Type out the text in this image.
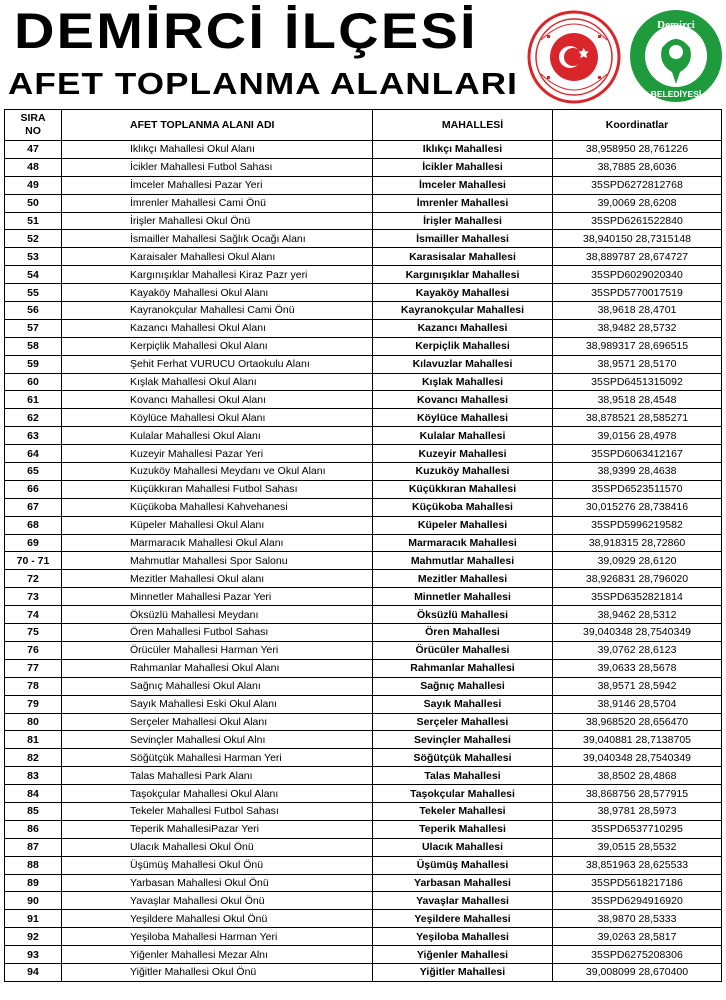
DEMİRCİ İLÇESİ
AFET TOPLANMA ALANLARI
Demirci
BELEDİYESİ
SIRA
NO	AFET TOPLANMA ALANI ADI	MAHALLESİ	Koordinatlar
47	Iklıkçı Mahallesi Okul Alanı	Iklıkçı Mahallesi	38,958950 28,761226
48	İcikler Mahallesi Futbol Sahası	İcikler Mahallesi	38,7885 28,6036
49	İmceler Mahallesi Pazar Yeri	İmceler Mahallesi	35SPD6272812768
50	İmrenler Mahallesi Cami Önü	İmrenler Mahallesi	39,0069 28,6208
51	İrişler Mahallesi Okul Önü	İrişler Mahallesi	35SPD6261522840
52	İsmailler Mahallesi Sağlık Ocağı Alanı	İsmailler Mahallesi	38,940150 28,7315148
53	Karaisaler Mahallesi Okul Alanı	Karasisalar Mahallesi	38,889787 28,674727
54	Kargınışıklar Mahallesi Kiraz Pazr yeri	Kargınışıklar Mahallesi	35SPD6029020340
55	Kayaköy Mahallesi Okul Alanı	Kayaköy Mahallesi	35SPD5770017519
56	Kayranokçular Mahallesi Cami Önü	Kayranokçular Mahallesi	38,9618 28,4701
57	Kazancı Mahallesi Okul Alanı	Kazancı Mahallesi	38,9482 28,5732
58	Kerpiçlik Mahallesi Okul Alanı	Kerpiçlik Mahallesi	38,989317 28,696515
59	Şehit Ferhat VURUCU Ortaokulu Alanı	Kılavuzlar Mahallesi	38,9571 28,5170
60	Kışlak Mahallesi Okul Alanı	Kışlak Mahallesi	35SPD6451315092
61	Kovancı Mahallesi Okul Alanı	Kovancı Mahallesi	38,9518 28,4548
62	Köylüce Mahallesi Okul Alanı	Köylüce Mahallesi	38,878521 28,585271
63	Kulalar Mahallesi Okul Alanı	Kulalar Mahallesi	39,0156 28,4978
64	Kuzeyir Mahallesi Pazar Yeri	Kuzeyir Mahallesi	35SPD6063412167
65	Kuzuköy Mahallesi Meydanı ve Okul Alanı	Kuzuköy Mahallesi	38,9399 28,4638
66	Küçükkıran Mahallesi Futbol Sahası	Küçükkıran Mahallesi	35SPD6523511570
67	Küçükoba Mahallesi Kahvehanesi	Küçükoba Mahallesi	30,015276 28,738416
68	Küpeler Mahallesi Okul Alanı	Küpeler Mahallesi	35SPD5996219582
69	Marmaracık Mahallesi Okul Alanı	Marmaracık Mahallesi	38,918315 28,72860
70 - 71	Mahmutlar Mahallesi Spor Salonu	Mahmutlar Mahallesi	39,0929 28,6120
72	Mezitler Mahallesi Okul alanı	Mezitler Mahallesi	38,926831 28,796020
73	Minnetler Mahallesi Pazar Yeri	Minnetler Mahallesi	35SPD6352821814
74	Öksüzlü Mahallesi Meydanı	Öksüzlü Mahallesi	38,9462 28,5312
75	Ören Mahallesi Futbol Sahası	Ören Mahallesi	39,040348 28,7540349
76	Örücüler Mahallesi Harman Yeri	Örücüler Mahallesi	39,0762 28,6123
77	Rahmanlar Mahallesi Okul Alanı	Rahmanlar Mahallesi	39,0633 28,5678
78	Sağnıç Mahallesi Okul Alanı	Sağnıç Mahallesi	38,9571 28,5942
79	Sayık Mahallesi Eski Okul Alanı	Sayık Mahallesi	38,9146 28,5704
80	Serçeler Mahallesi Okul Alanı	Serçeler Mahallesi	38,968520 28,656470
81	Sevinçler Mahallesi Okul Alnı	Sevinçler Mahallesi	39,040881 28,7138705
82	Söğütçük Mahallesi Harman Yeri	Söğütçük Mahallesi	39,040348 28,7540349
83	Talas Mahallesi Park Alanı	Talas Mahallesi	38,8502 28,4868
84	Taşokçular Mahallesi Okul Alanı	Taşokçular Mahallesi	38,868756 28,577915
85	Tekeler Mahallesi Futbol Sahası	Tekeler Mahallesi	38,9781 28,5973
86	Teperik MahallesiPazar Yeri	Teperik Mahallesi	35SPD6537710295
87	Ulacık Mahallesi Okul Önü	Ulacık Mahallesi	39,0515 28,5532
88	Üşümüş Mahallesi Okul Önü	Üşümüş Mahallesi	38,851963 28,625533
89	Yarbasan Mahallesi Okul Önü	Yarbasan Mahallesi	35SPD5618217186
90	Yavaşlar Mahallesi Okul Önü	Yavaşlar Mahallesi	35SPD6294916920
91	Yeşildere Mahallesi Okul Önü	Yeşildere Mahallesi	38,9870 28,5333
92	Yeşiloba Mahallesi Harman Yeri	Yeşiloba Mahallesi	39,0263 28,5817
93	Yiğenler Mahallesi Mezar Alnı	Yiğenler Mahallesi	35SPD6275208306
94	Yiğitler Mahallesi Okul Önü	Yiğitler Mahallesi	39,008099 28,670400
